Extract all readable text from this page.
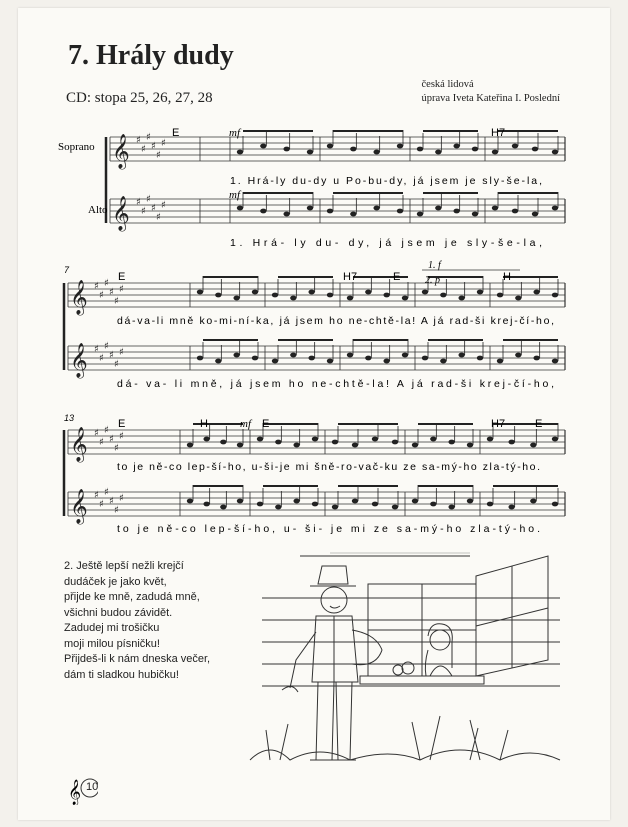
7. Hrály dudy
CD: stopa 25, 26, 27, 28
česká lidová
úprava Iveta Kateřina I. Poslední
𝄞 ♯
♯
♯
♯
♯
♯
𝄞 ♯
♯
♯
♯
♯
♯
𝄞 ♯
♯
♯
♯
♯
♯
𝄞 ♯
♯
♯
♯
♯
♯
𝄞 ♯
♯
♯
♯
♯
♯
𝄞 ♯
♯
♯
♯
♯
♯
Soprano
Alto
7
13
mf
mf
mf
1. f
2. p
E	H7
E	H7	E	H
E	H	E	H7	E
1. Hrá-ly du-dy u Po-bu-dy, já jsem je sly-še-la,
1. Hrá- ly du- dy, já jsem je sly-še-la,
dá-va-li mně ko-mi-ní-ka, já jsem ho ne-chtě-la! A já rad-ši krej-čí-ho,
dá- va- li mně, já jsem ho ne-chtě-la! A já rad-ši krej-čí-ho,
to je ně-co lep-ší-ho, u-ši-je mi šně-ro-vač-ku ze sa-mý-ho zla-tý-ho.
to je ně-co lep-ší-ho, u- ši- je mi ze sa-mý-ho zla-tý-ho.
2. Ještě lepší nežli krejčí
dudáček je jako květ,
přijde ke mně, zadudá mně,
všichni budou závidět.
Zadudej mi trošičku
moji milou písničku!
Přijdeš-li k nám dneska večer,
dám ti sladkou hubičku!
𝄞 10
